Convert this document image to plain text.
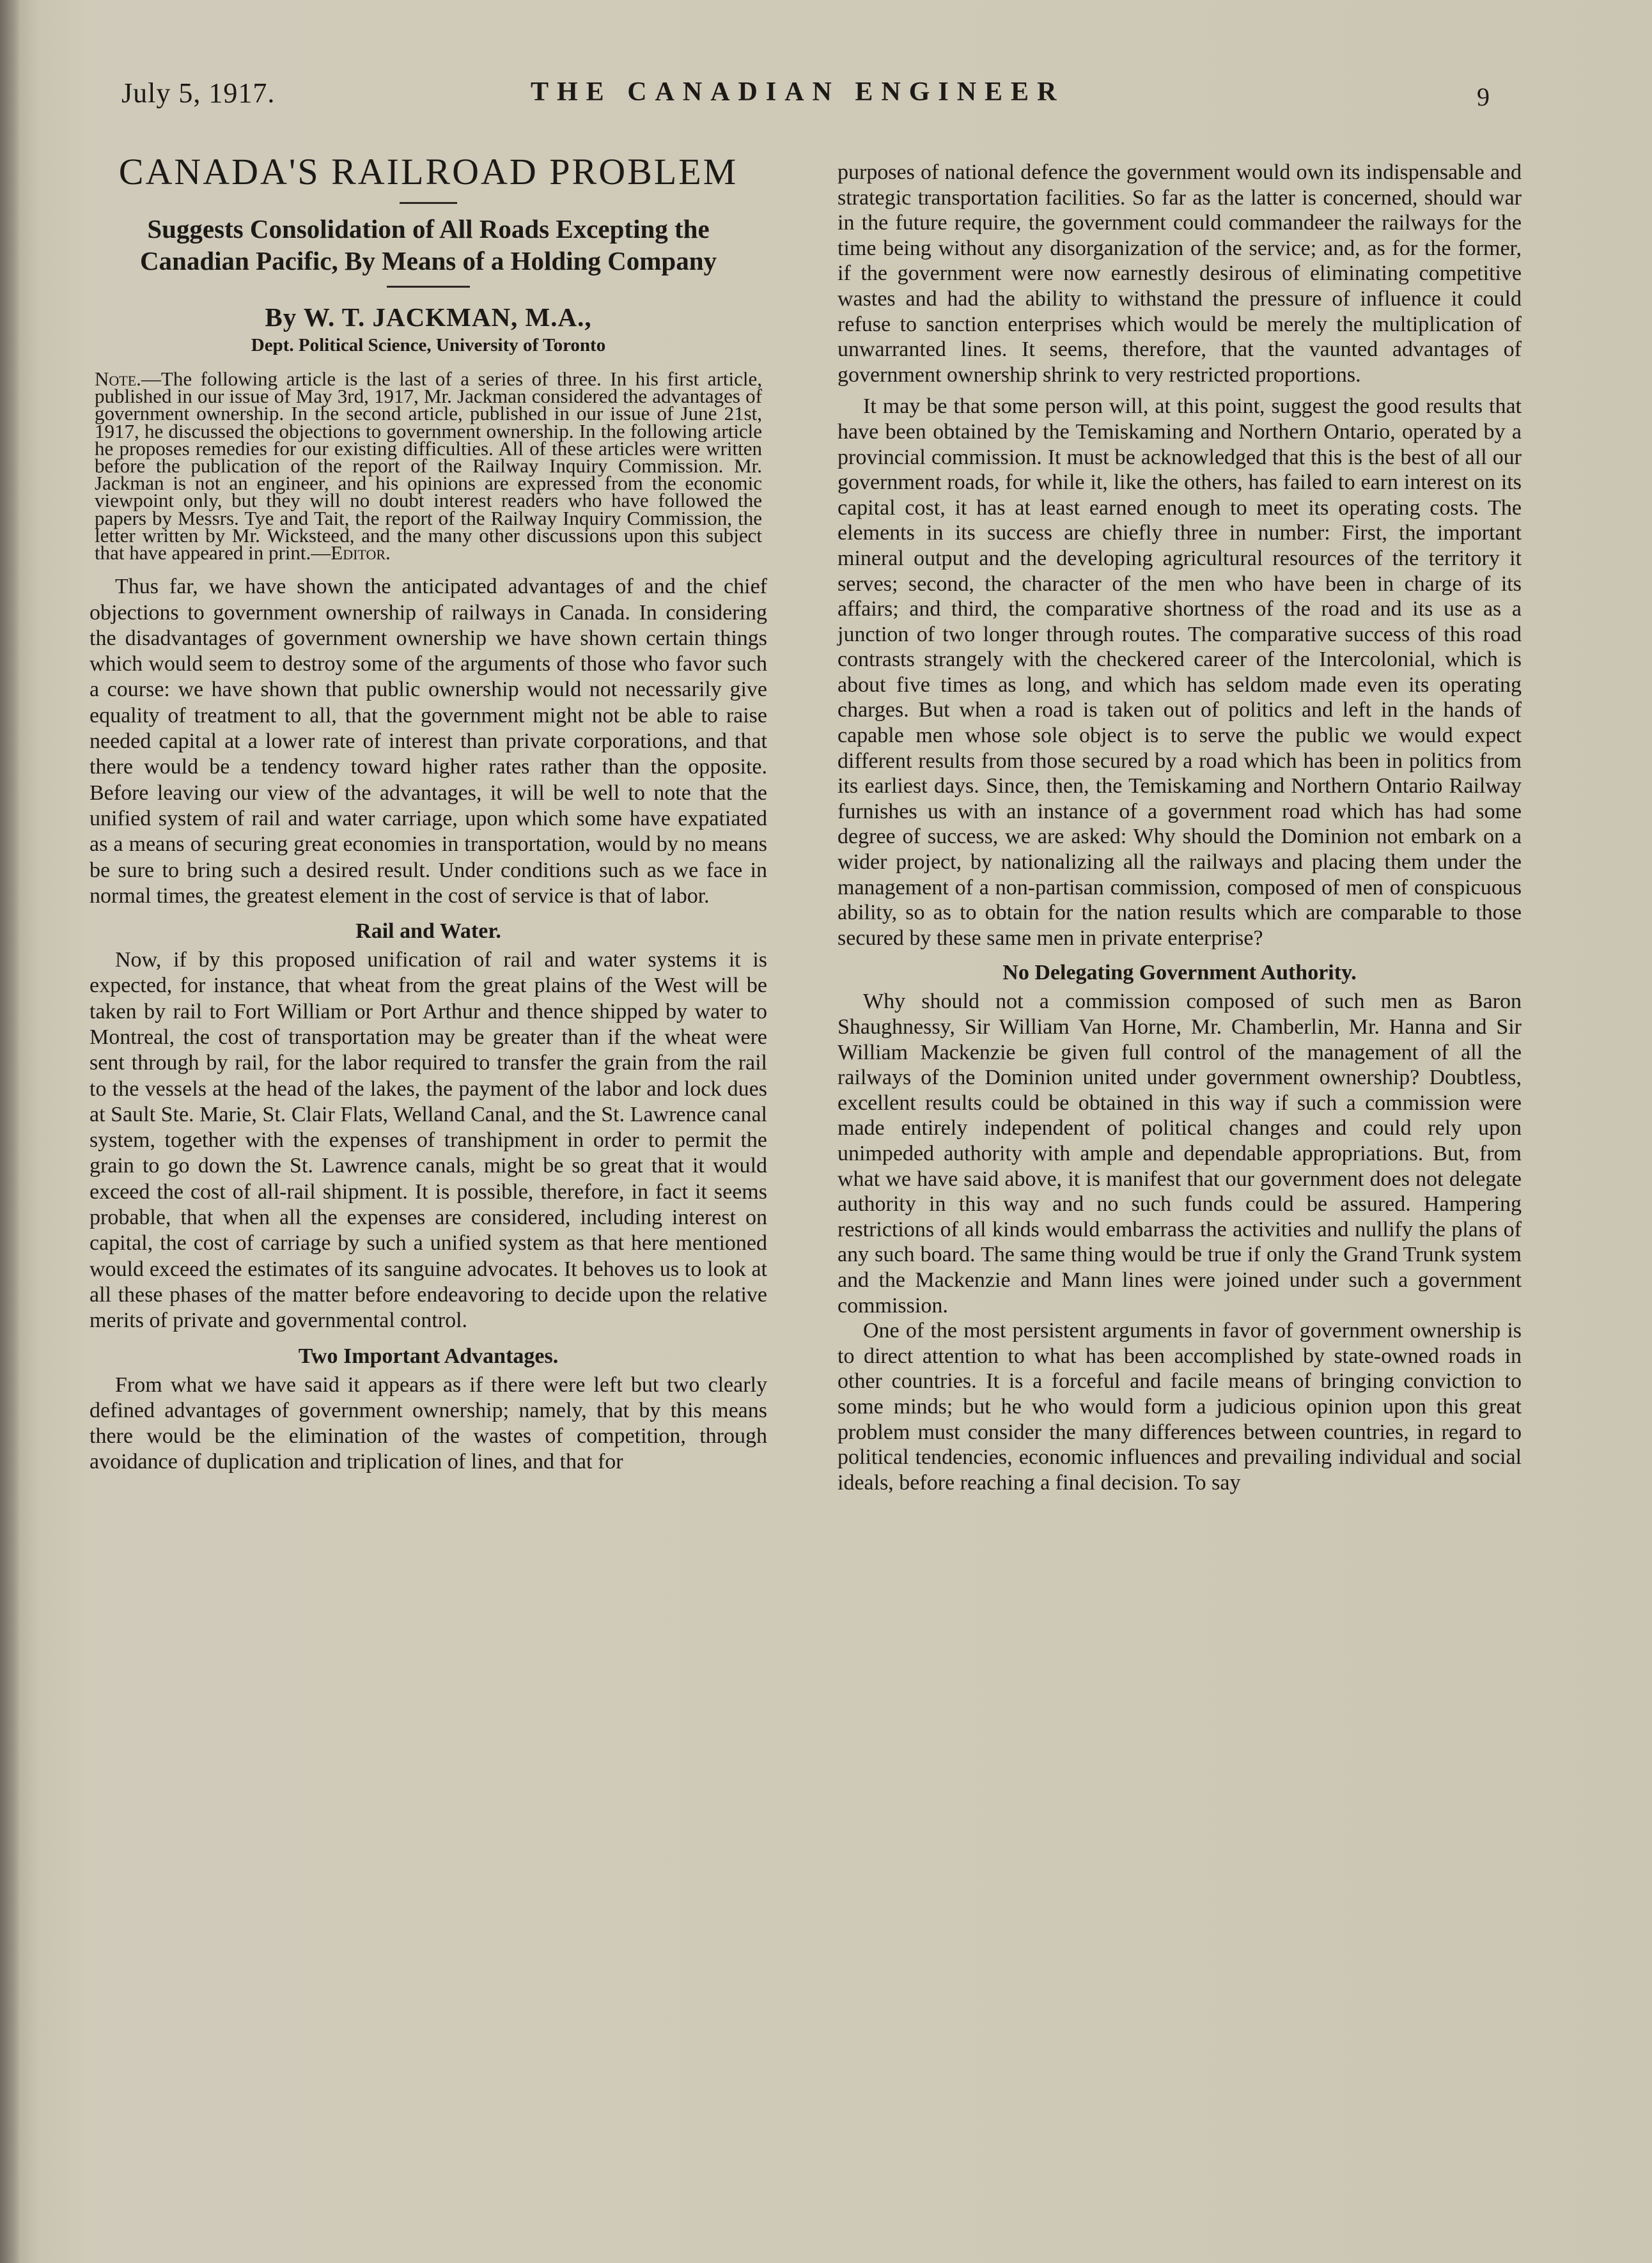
July 5, 1917.	THE CANADIAN ENGINEER	9
CANADA'S RAILROAD PROBLEM
Suggests Consolidation of All Roads Excepting the Canadian Pacific, By Means of a Holding Company
By W. T. JACKMAN, M.A.,
Dept. Political Science, University of Toronto
Note.—The following article is the last of a series of three. In his first article, published in our issue of May 3rd, 1917, Mr. Jackman considered the advantages of government ownership. In the second article, published in our issue of June 21st, 1917, he discussed the objections to government ownership. In the following article he proposes remedies for our existing difficulties. All of these articles were written before the publication of the report of the Railway Inquiry Commission. Mr. Jackman is not an engineer, and his opinions are expressed from the economic viewpoint only, but they will no doubt interest readers who have followed the papers by Messrs. Tye and Tait, the report of the Railway Inquiry Commission, the letter written by Mr. Wicksteed, and the many other discussions upon this subject that have appeared in print.—Editor.

Thus far, we have shown the anticipated advantages of and the chief objections to government ownership of railways in Canada. In considering the disadvantages of government ownership we have shown certain things which would seem to destroy some of the arguments of those who favor such a course: we have shown that public ownership would not necessarily give equality of treatment to all, that the government might not be able to raise needed capital at a lower rate of interest than private corporations, and that there would be a tendency toward higher rates rather than the opposite. Before leaving our view of the advantages, it will be well to note that the unified system of rail and water carriage, upon which some have expatiated as a means of securing great economies in transportation, would by no means be sure to bring such a desired result. Under conditions such as we face in normal times, the greatest element in the cost of service is that of labor.

Rail and Water.

Now, if by this proposed unification of rail and water systems it is expected, for instance, that wheat from the great plains of the West will be taken by rail to Fort William or Port Arthur and thence shipped by water to Montreal, the cost of transportation may be greater than if the wheat were sent through by rail, for the labor required to transfer the grain from the rail to the vessels at the head of the lakes, the payment of the labor and lock dues at Sault Ste. Marie, St. Clair Flats, Welland Canal, and the St. Lawrence canal system, together with the expenses of transhipment in order to permit the grain to go down the St. Lawrence canals, might be so great that it would exceed the cost of all-rail shipment. It is possible, therefore, in fact it seems probable, that when all the expenses are considered, including interest on capital, the cost of carriage by such a unified system as that here mentioned would exceed the estimates of its sanguine advocates. It behoves us to look at all these phases of the matter before endeavoring to decide upon the relative merits of private and governmental control.

Two Important Advantages.

From what we have said it appears as if there were left but two clearly defined advantages of government ownership; namely, that by this means there would be the elimination of the wastes of competition, through avoidance of duplication and triplication of lines, and that for

purposes of national defence the government would own its indispensable and strategic transportation facilities. So far as the latter is concerned, should war in the future require, the government could commandeer the railways for the time being without any disorganization of the service; and, as for the former, if the government were now earnestly desirous of eliminating competitive wastes and had the ability to withstand the pressure of influence it could refuse to sanction enterprises which would be merely the multiplication of unwarranted lines. It seems, therefore, that the vaunted advantages of government ownership shrink to very restricted proportions.

It may be that some person will, at this point, suggest the good results that have been obtained by the Temiskaming and Northern Ontario, operated by a provincial commission. It must be acknowledged that this is the best of all our government roads, for while it, like the others, has failed to earn interest on its capital cost, it has at least earned enough to meet its operating costs. The elements in its success are chiefly three in number: First, the important mineral output and the developing agricultural resources of the territory it serves; second, the character of the men who have been in charge of its affairs; and third, the comparative shortness of the road and its use as a junction of two longer through routes. The comparative success of this road contrasts strangely with the checkered career of the Intercolonial, which is about five times as long, and which has seldom made even its operating charges. But when a road is taken out of politics and left in the hands of capable men whose sole object is to serve the public we would expect different results from those secured by a road which has been in politics from its earliest days. Since, then, the Temiskaming and Northern Ontario Railway furnishes us with an instance of a government road which has had some degree of success, we are asked: Why should the Dominion not embark on a wider project, by nationalizing all the railways and placing them under the management of a non-partisan commission, composed of men of conspicuous ability, so as to obtain for the nation results which are comparable to those secured by these same men in private enterprise?

No Delegating Government Authority.

Why should not a commission composed of such men as Baron Shaughnessy, Sir William Van Horne, Mr. Chamberlin, Mr. Hanna and Sir William Mackenzie be given full control of the management of all the railways of the Dominion united under government ownership? Doubtless, excellent results could be obtained in this way if such a commission were made entirely independent of political changes and could rely upon unimpeded authority with ample and dependable appropriations. But, from what we have said above, it is manifest that our government does not delegate authority in this way and no such funds could be assured. Hampering restrictions of all kinds would embarrass the activities and nullify the plans of any such board. The same thing would be true if only the Grand Trunk system and the Mackenzie and Mann lines were joined under such a government commission.

One of the most persistent arguments in favor of government ownership is to direct attention to what has been accomplished by state-owned roads in other countries. It is a forceful and facile means of bringing conviction to some minds; but he who would form a judicious opinion upon this great problem must consider the many differences between countries, in regard to political tendencies, economic influences and prevailing individual and social ideals, before reaching a final decision. To say
